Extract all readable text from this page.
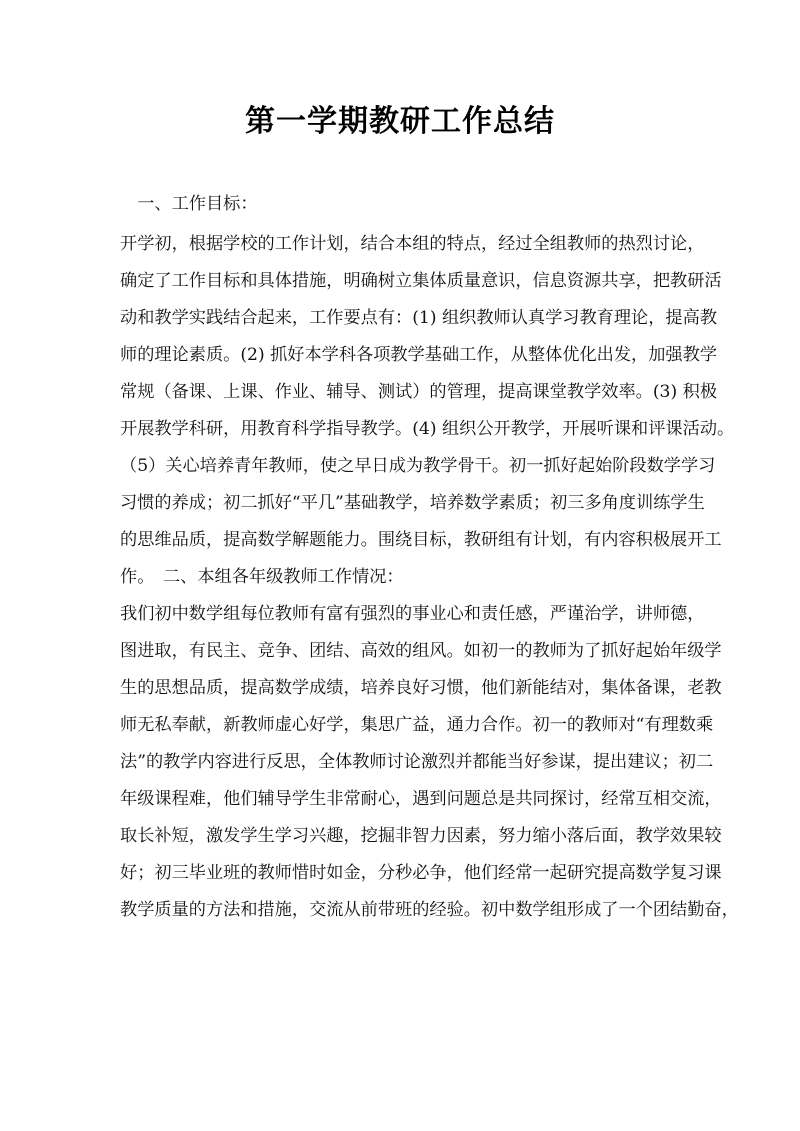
第一学期教研工作总结
　一、工作目标：
开学初，根据学校的工作计划，结合本组的特点，经过全组教师的热烈讨论，
确定了工作目标和具体措施，明确树立集体质量意识，信息资源共享，把教研活
动和教学实践结合起来，工作要点有：(1) 组织教师认真学习教育理论，提高教
师的理论素质。(2) 抓好本学科各项教学基础工作，从整体优化出发，加强教学
常规（备课、上课、作业、辅导、测试）的管理，提高课堂教学效率。(3) 积极
开展教学科研，用教育科学指导教学。(4) 组织公开教学，开展听课和评课活动。
（5）关心培养青年教师，使之早日成为教学骨干。初一抓好起始阶段数学学习
习惯的养成；初二抓好“平几”基础教学，培养数学素质；初三多角度训练学生
的思维品质，提高数学解题能力。围绕目标，教研组有计划，有内容积极展开工
作。　二、本组各年级教师工作情况：
我们初中数学组每位教师有富有强烈的事业心和责任感，严谨治学，讲师德，
图进取，有民主、竞争、团结、高效的组风。如初一的教师为了抓好起始年级学
生的思想品质，提高数学成绩，培养良好习惯，他们新能结对，集体备课，老教
师无私奉献，新教师虚心好学，集思广益，通力合作。初一的教师对“有理数乘
法”的教学内容进行反思，全体教师讨论激烈并都能当好参谋，提出建议；初二
年级课程难，他们辅导学生非常耐心，遇到问题总是共同探讨，经常互相交流，
取长补短，激发学生学习兴趣，挖掘非智力因素，努力缩小落后面，教学效果较
好；初三毕业班的教师惜时如金，分秒必争，他们经常一起研究提高数学复习课
教学质量的方法和措施，交流从前带班的经验。初中数学组形成了一个团结勤奋，
